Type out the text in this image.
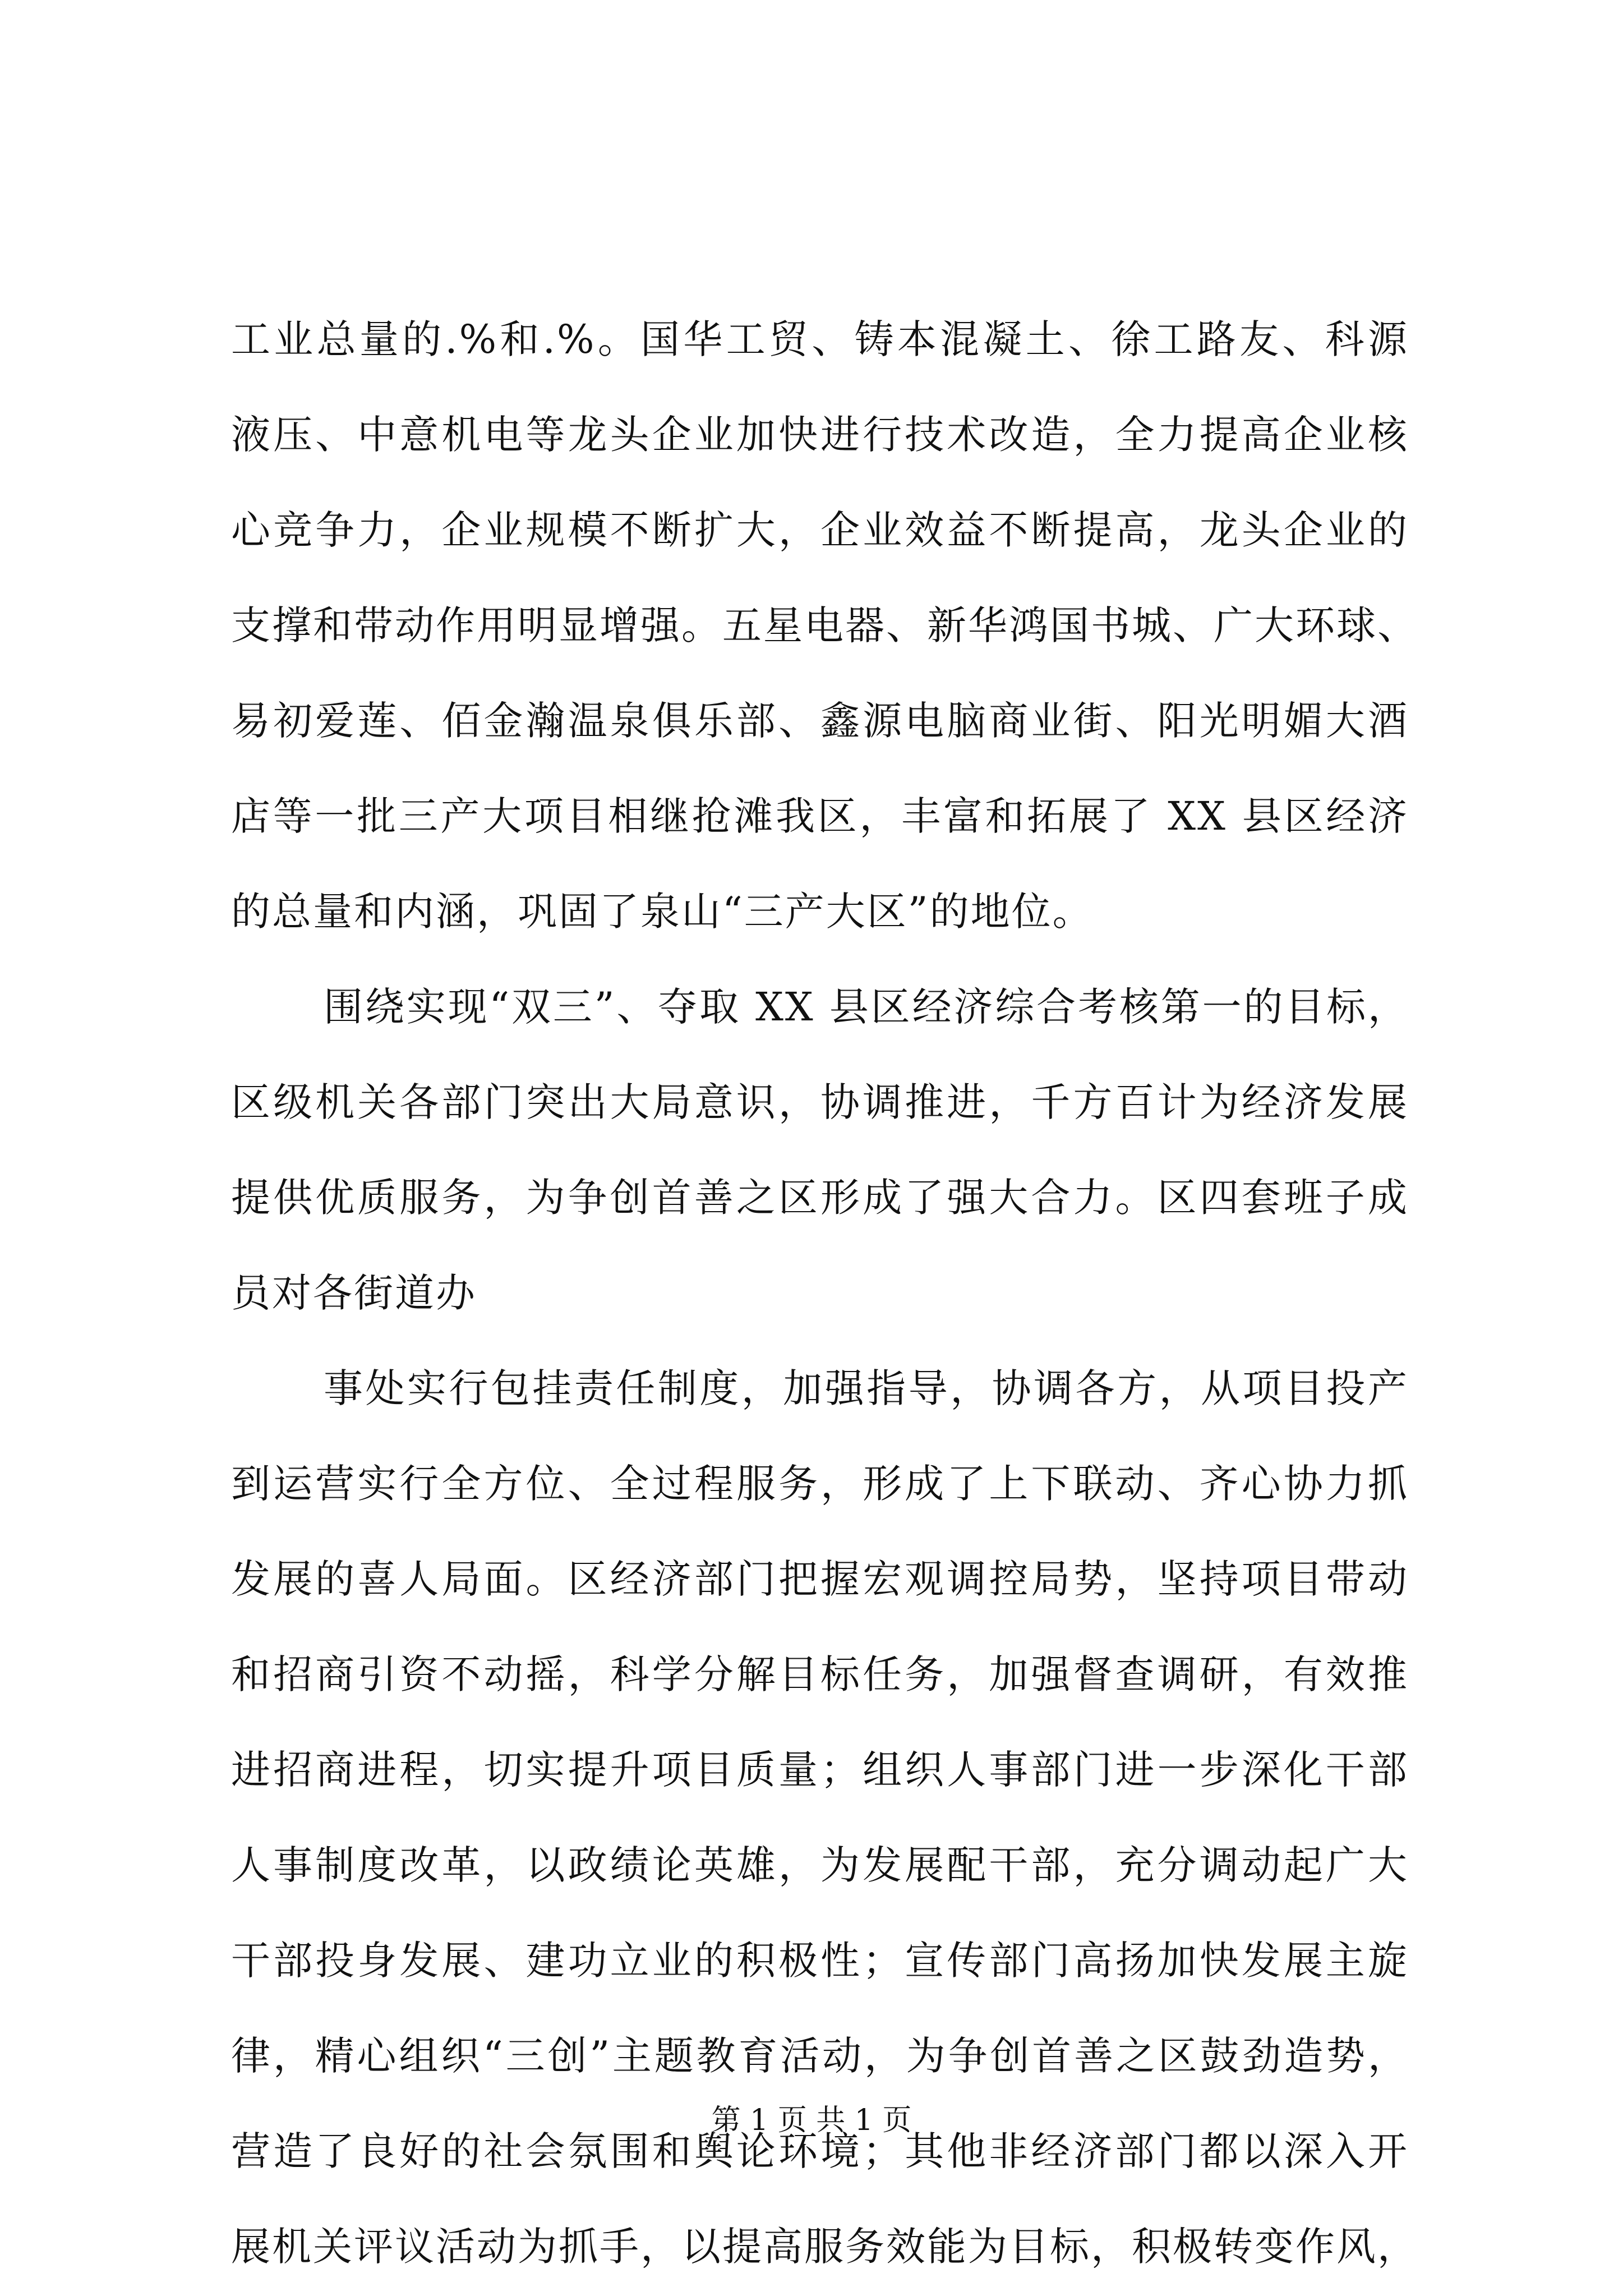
工业总量的.%和.%。国华工贸、铸本混凝土、徐工路友、科源
液压、中意机电等龙头企业加快进行技术改造，全力提高企业核
心竞争力，企业规模不断扩大，企业效益不断提高，龙头企业的
支撑和带动作用明显增强。五星电器、新华鸿国书城、广大环球、
易初爱莲、佰金瀚温泉俱乐部、鑫源电脑商业街、阳光明媚大酒
店等一批三产大项目相继抢滩我区，丰富和拓展了 XX 县区经济
的总量和内涵，巩固了泉山“三产大区”的地位。
围绕实现“双三”、夺取 XX 县区经济综合考核第一的目标，
区级机关各部门突出大局意识，协调推进，千方百计为经济发展
提供优质服务，为争创首善之区形成了强大合力。区四套班子成
员对各街道办
事处实行包挂责任制度，加强指导，协调各方，从项目投产
到运营实行全方位、全过程服务，形成了上下联动、齐心协力抓
发展的喜人局面。区经济部门把握宏观调控局势，坚持项目带动
和招商引资不动摇，科学分解目标任务，加强督查调研，有效推
进招商进程，切实提升项目质量；组织人事部门进一步深化干部
人事制度改革，以政绩论英雄，为发展配干部，充分调动起广大
干部投身发展、建功立业的积极性；宣传部门高扬加快发展主旋
律，精心组织“三创”主题教育活动，为争创首善之区鼓劲造势，
营造了良好的社会氛围和舆论环境；其他非经济部门都以深入开
展机关评议活动为抓手，以提高服务效能为目标，积极转变作风，
第 1 页 共 1 页
